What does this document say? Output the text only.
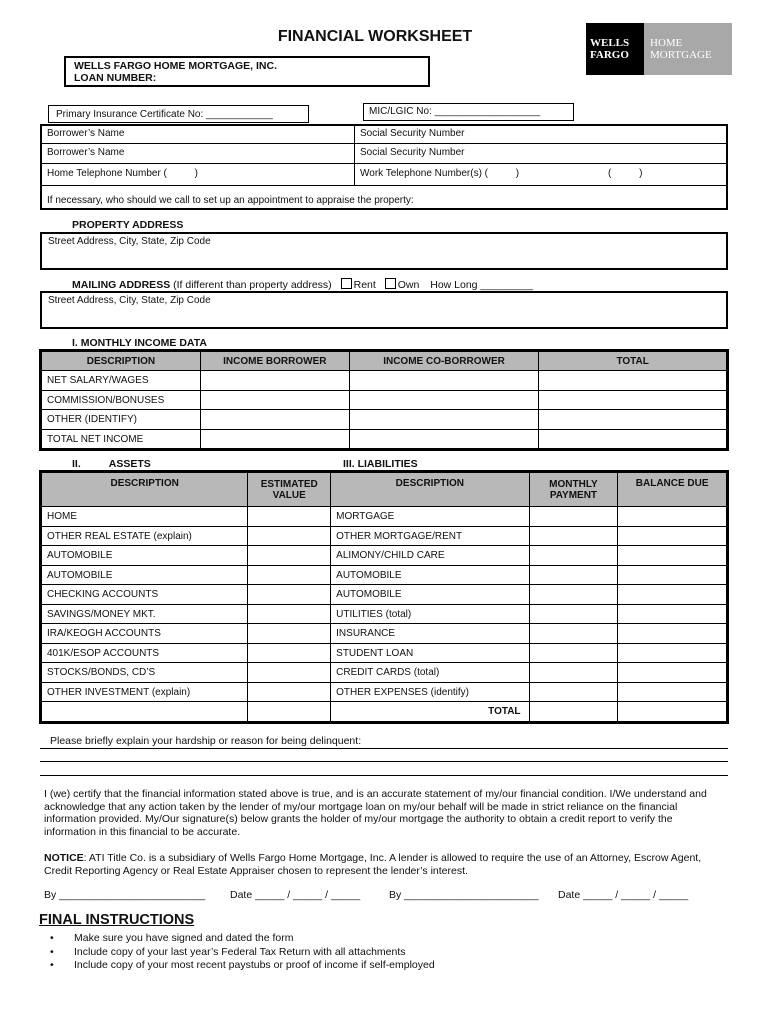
FINANCIAL WORKSHEET	WELLS
FARGO
HOME
MORTGAGE
WELLS FARGO HOME MORTGAGE, INC.
LOAN NUMBER:
Primary Insurance Certificate No: ____________	MIC/LGIC No: ___________________
Borrower’s Name	Social Security Number
Borrower’s Name	Social Security Number
Home Telephone Number (          )	Work Telephone Number(s) (          )	(          )
If necessary, who should we call to set up an appointment to appraise the property:
PROPERTY ADDRESS
Street Address, City, State, Zip Code
MAILING ADDRESS (If different than property address) Rent Own How Long _________
Street Address, City, State, Zip Code
I. MONTHLY INCOME DATA
DESCRIPTION	INCOME BORROWER	INCOME CO-BORROWER	TOTAL
NET SALARY/WAGES			
COMMISSION/BONUSES			
OTHER (IDENTIFY)			
TOTAL NET INCOME			
II.	ASSETS	III. LIABILITIES
DESCRIPTION	ESTIMATED VALUE	DESCRIPTION	MONTHLY PAYMENT	BALANCE DUE
HOME		MORTGAGE		
OTHER REAL ESTATE (explain)		OTHER MORTGAGE/RENT		
AUTOMOBILE		ALIMONY/CHILD CARE		
AUTOMOBILE		AUTOMOBILE		
CHECKING ACCOUNTS		AUTOMOBILE		
SAVINGS/MONEY MKT.		UTILITIES (total)		
IRA/KEOGH ACCOUNTS		INSURANCE		
401K/ESOP ACCOUNTS		STUDENT LOAN		
STOCKS/BONDS, CD’S		CREDIT CARDS (total)		
OTHER INVESTMENT (explain)		OTHER EXPENSES (identify)		
		TOTAL		
Please briefly explain your hardship or reason for being delinquent:
I (we) certify that the financial information stated above is true, and is an accurate statement of my/our financial condition. I/We understand and acknowledge that any action taken by the lender of my/our mortgage loan on my/our behalf will be made in strict reliance on the financial information provided. My/Our signature(s) below grants the holder of my/our mortgage the authority to obtain a credit report to verify the information in this financial to be accurate.
NOTICE: ATI Title Co. is a subsidiary of Wells Fargo Home Mortgage, Inc. A lender is allowed to require the use of an Attorney, Escrow Agent, Credit Reporting Agency or Real Estate Appraiser chosen to represent the lender’s interest.
By _________________________ Date _____ / _____ / _____	By _______________________ Date _____ / _____ / _____
FINAL INSTRUCTIONS
• Make sure you have signed and dated the form
• Include copy of your last year’s Federal Tax Return with all attachments
• Include copy of your most recent paystubs or proof of income if self-employed
